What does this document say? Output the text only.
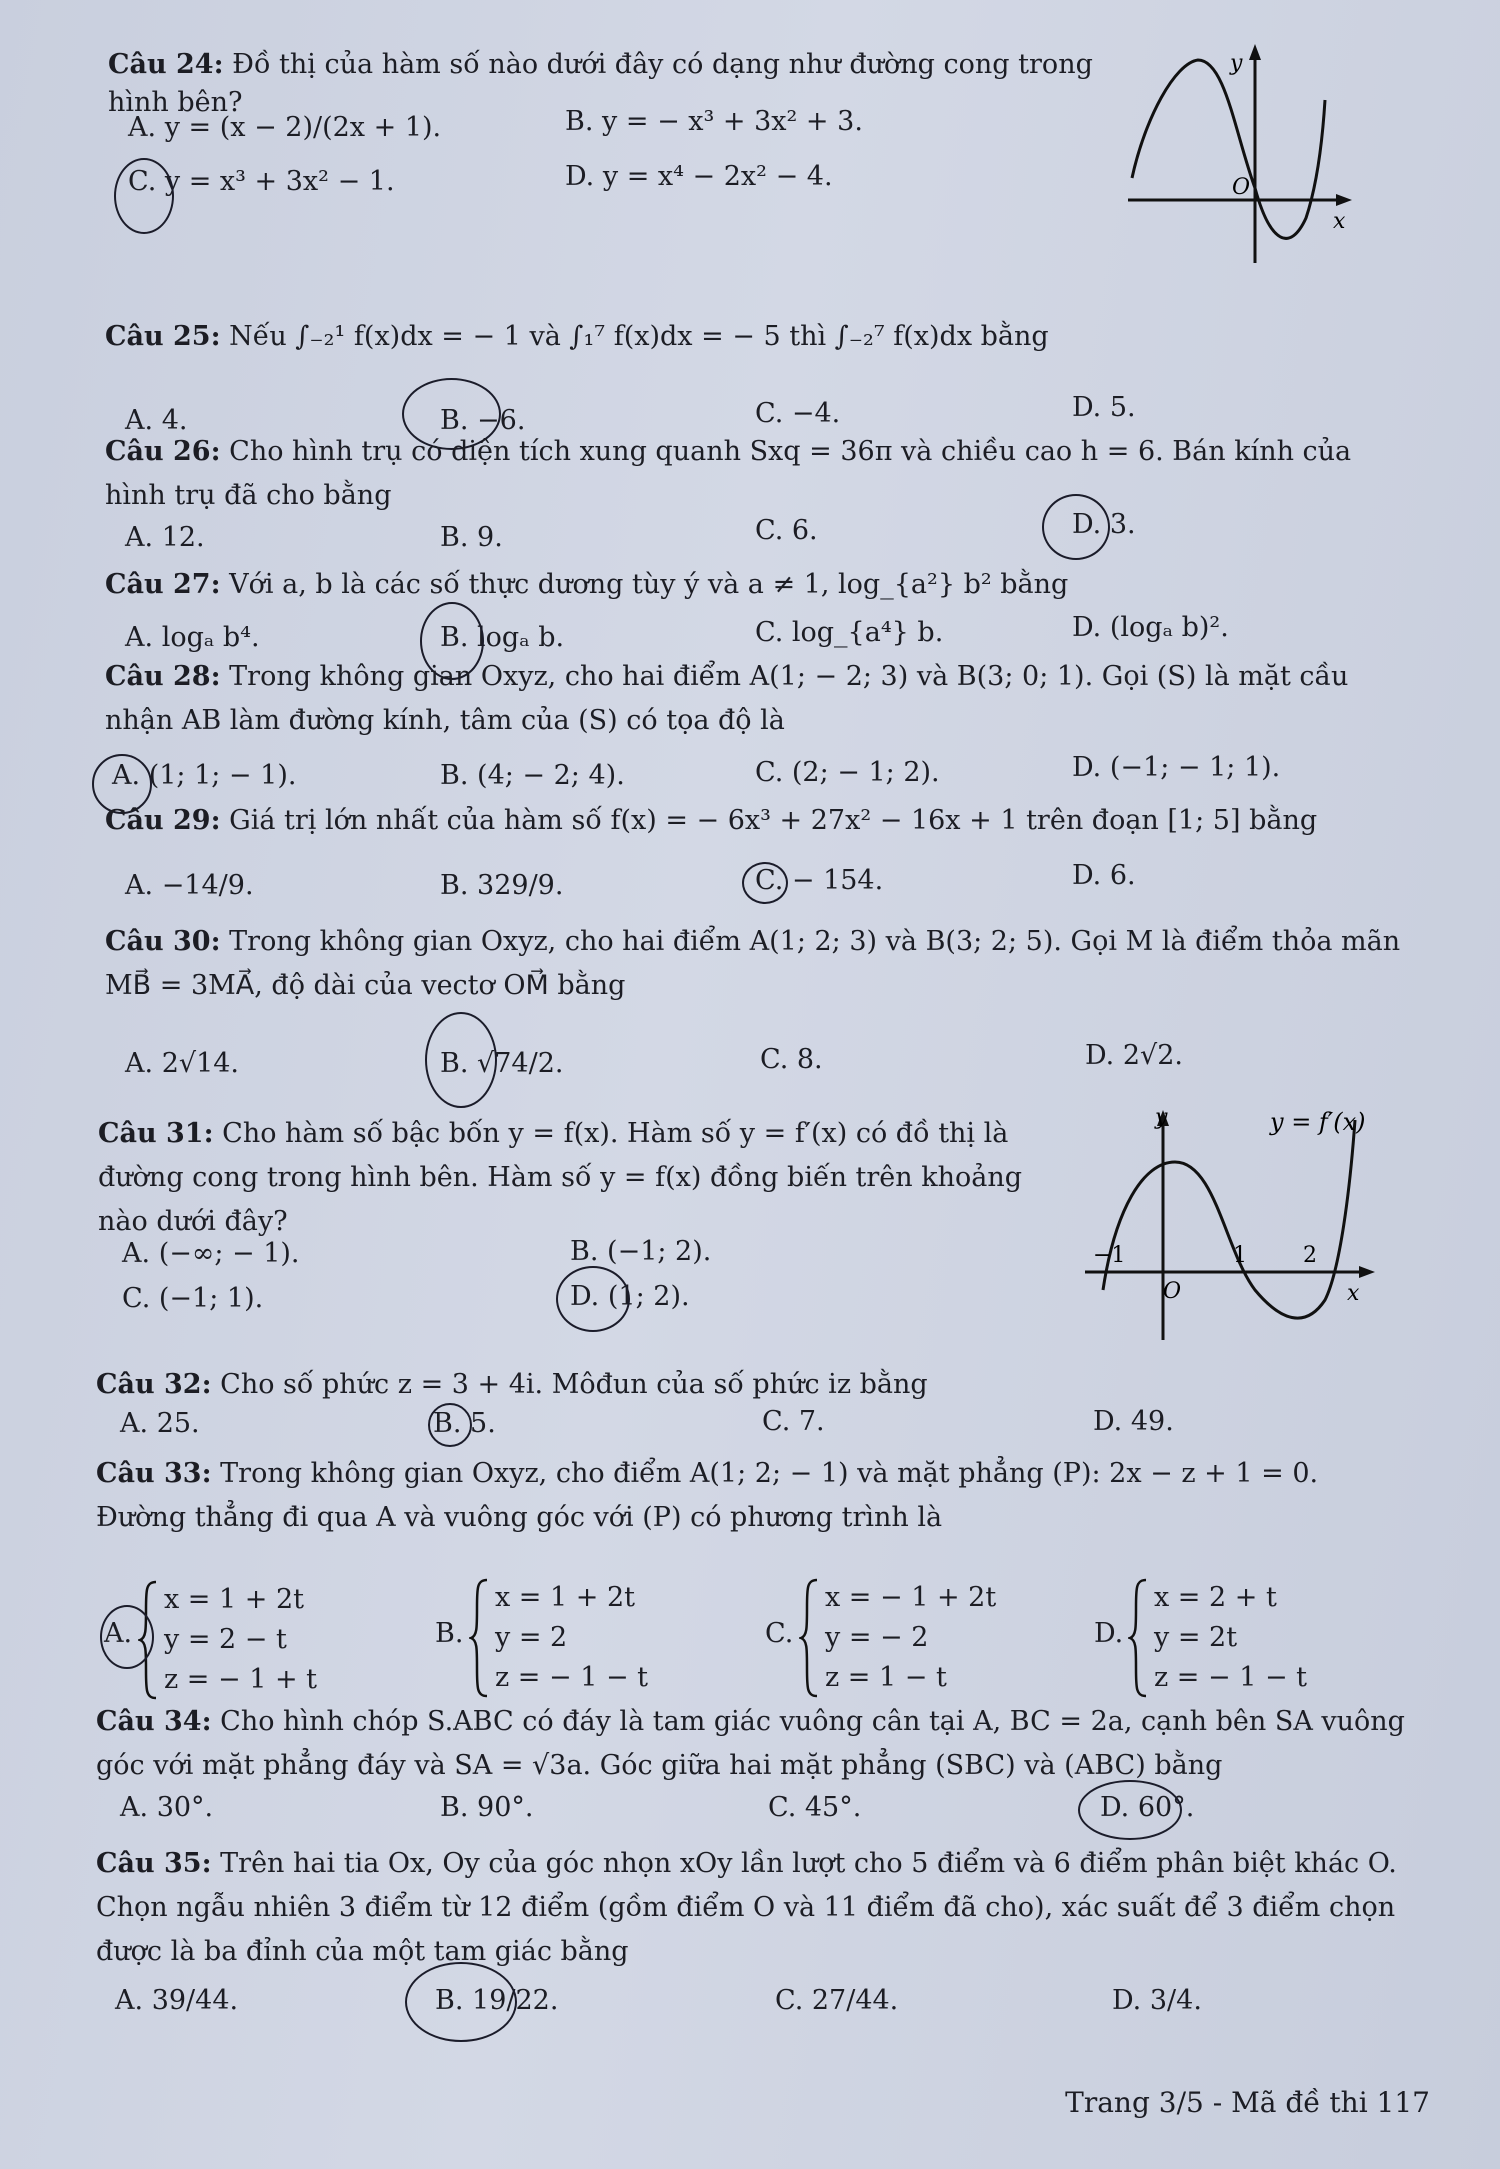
Câu 24: Đồ thị của hàm số nào dưới đây có dạng như đường cong trong hình bên?
A. y = (x − 2)/(2x + 1).	B. y = − x³ + 3x² + 3.
C. y = x³ + 3x² − 1.	D. y = x⁴ − 2x² − 4.
y
O
x
Câu 25: Nếu ∫₋₂¹ f(x)dx = − 1 và ∫₁⁷ f(x)dx = − 5 thì ∫₋₂⁷ f(x)dx bằng
A. 4.	B. −6.	C. −4.	D. 5.
Câu 26: Cho hình trụ có diện tích xung quanh Sxq = 36π và chiều cao h = 6. Bán kính của hình trụ đã cho bằng
A. 12.	B. 9.	C. 6.	D. 3.
Câu 27: Với a, b là các số thực dương tùy ý và a ≠ 1, log_{a²} b² bằng
A. logₐ b⁴.	B. logₐ b.	C. log_{a⁴} b.	D. (logₐ b)².
Câu 28: Trong không gian Oxyz, cho hai điểm A(1; − 2; 3) và B(3; 0; 1). Gọi (S) là mặt cầu nhận AB làm đường kính, tâm của (S) có tọa độ là
A. (1; 1; − 1).	B. (4; − 2; 4).	C. (2; − 1; 2).	D. (−1; − 1; 1).
Câu 29: Giá trị lớn nhất của hàm số f(x) = − 6x³ + 27x² − 16x + 1 trên đoạn [1; 5] bằng
A. −14/9.	B. 329/9.	C. − 154.	D. 6.
Câu 30: Trong không gian Oxyz, cho hai điểm A(1; 2; 3) và B(3; 2; 5). Gọi M là điểm thỏa mãn MB⃗ = 3MA⃗, độ dài của vectơ OM⃗ bằng
A. 2√14.	B. √74/2.	C. 8.	D. 2√2.
Câu 31: Cho hàm số bậc bốn y = f(x). Hàm số y = f′(x) có đồ thị là đường cong trong hình bên. Hàm số y = f(x) đồng biến trên khoảng nào dưới đây?
A. (−∞; − 1).	B. (−1; 2).
C. (−1; 1).	D. (1; 2).
y	y = f′(x)
−1	1	2
O	x
Câu 32: Cho số phức z = 3 + 4i. Môđun của số phức iz bằng
A. 25.	B. 5.	C. 7.	D. 49.
Câu 33: Trong không gian Oxyz, cho điểm A(1; 2; − 1) và mặt phẳng (P): 2x − z + 1 = 0. Đường thẳng đi qua A và vuông góc với (P) có phương trình là
A.
x = 1 + 2t
y = 2 − t
z = − 1 + t
B.
x = 1 + 2t
y = 2
z = − 1 − t
C.
x = − 1 + 2t
y = − 2
z = 1 − t
D.
x = 2 + t
y = 2t
z = − 1 − t
Câu 34: Cho hình chóp S.ABC có đáy là tam giác vuông cân tại A, BC = 2a, cạnh bên SA vuông góc với mặt phẳng đáy và SA = √3a. Góc giữa hai mặt phẳng (SBC) và (ABC) bằng
A. 30°.	B. 90°.	C. 45°.	D. 60°.
Câu 35: Trên hai tia Ox, Oy của góc nhọn xOy lần lượt cho 5 điểm và 6 điểm phân biệt khác O. Chọn ngẫu nhiên 3 điểm từ 12 điểm (gồm điểm O và 11 điểm đã cho), xác suất để 3 điểm chọn được là ba đỉnh của một tam giác bằng
A. 39/44.	B. 19/22.	C. 27/44.	D. 3/4.
Trang 3/5 - Mã đề thi 117
